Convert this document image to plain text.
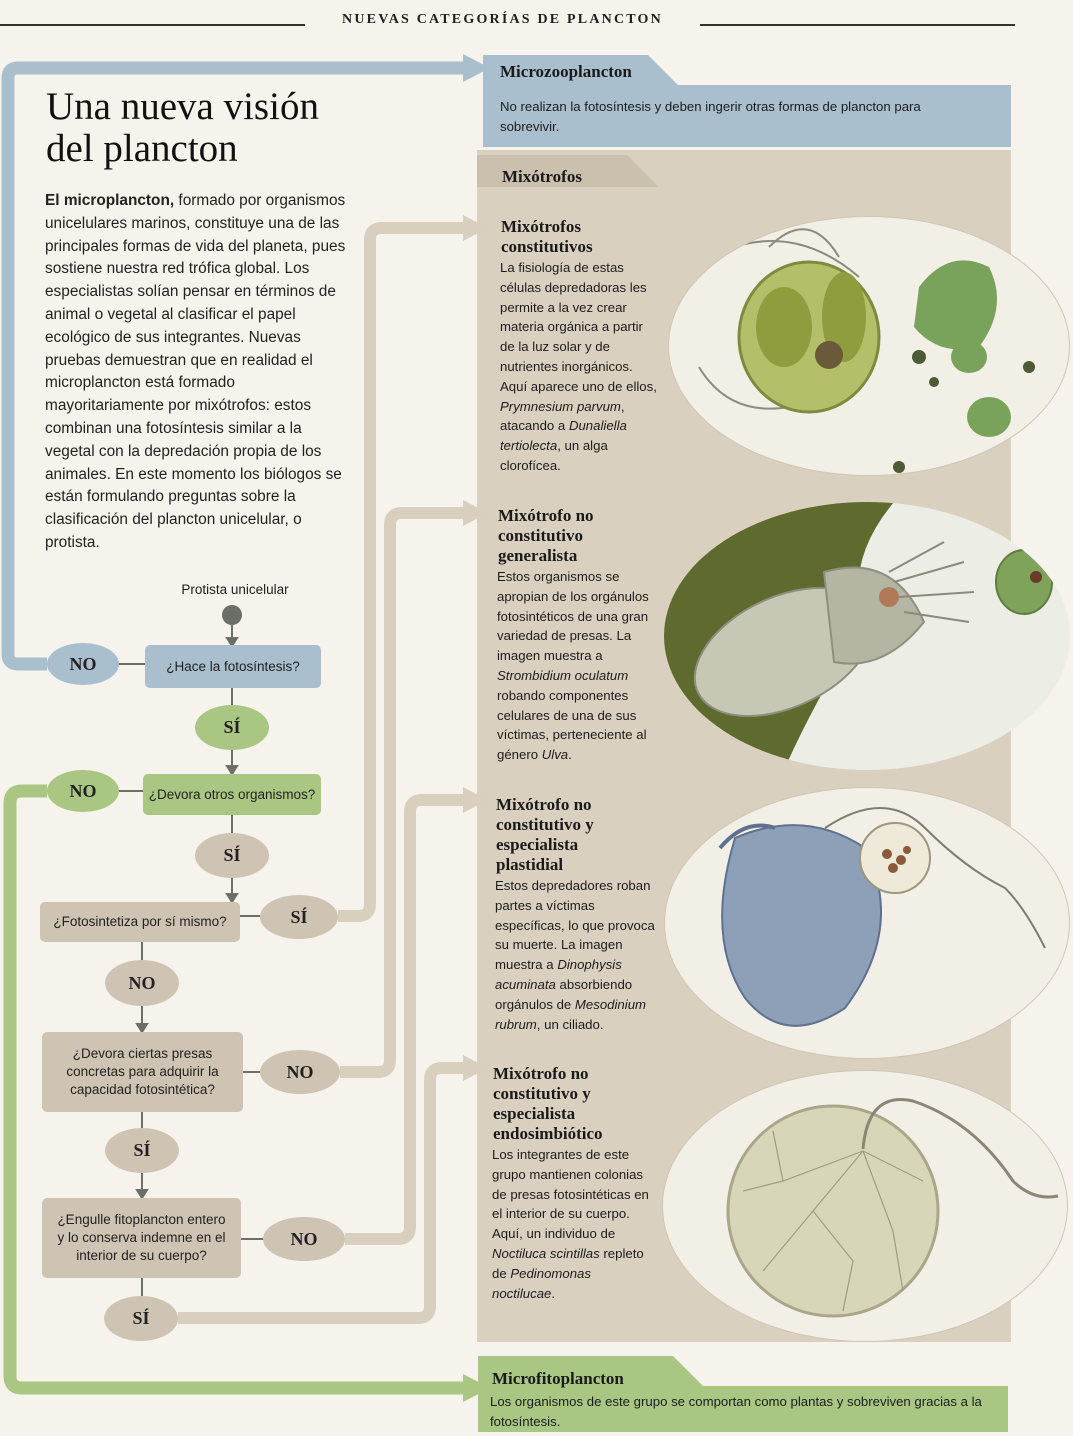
NUEVAS CATEGORÍAS DE PLANCTON
Una nueva visión del plancton
El microplancton, formado por organismos unicelulares marinos, constituye una de las principales formas de vida del planeta, pues sostiene nuestra red trófica global. Los especialistas solían pensar en términos de animal o vegetal al clasificar el papel ecológico de sus integrantes. Nuevas pruebas demuestran que en realidad el microplancton está formado mayoritariamente por mixótrofos: estos combinan una fotosíntesis similar a la vegetal con la depredación propia de los animales. En este momento los biólogos se están formulando preguntas sobre la clasificación del plancton unicelular, o protista.
Protista unicelular
¿Hace la fotosíntesis?
NO
SÍ
¿Devora otros organismos?
NO
SÍ
¿Fotosintetiza por sí mismo?	SÍ
NO
¿Devora ciertas presas concretas para adquirir la capacidad fotosintética?
NO
SÍ
¿Engulle fitoplancton entero y lo conserva indemne en el interior de su cuerpo?
NO
SÍ
Microzooplancton
No realizan la fotosíntesis y deben ingerir otras formas de plancton para sobrevivir.
Mixótrofos
Mixótrofos constitutivos
La fisiología de estas células depredadoras les permite a la vez crear materia orgánica a partir de la luz solar y de nutrientes inorgánicos. Aquí aparece uno de ellos, Prymnesium parvum, atacando a Dunaliella tertiolecta, un alga clorofícea.
Mixótrofo no constitutivo generalista
Estos organismos se apropian de los orgánulos fotosintéticos de una gran variedad de presas. La imagen muestra a Strombidium oculatum robando componentes celulares de una de sus víctimas, perteneciente al género Ulva.
Mixótrofo no constitutivo y especialista plastidial
Estos depredadores roban partes a víctimas específicas, lo que provoca su muerte. La imagen muestra a Dinophysis acuminata absorbiendo orgánulos de Mesodinium rubrum, un ciliado.
Mixótrofo no constitutivo y especialista endosimbiótico
Los integrantes de este grupo mantienen colonias de presas fotosintéticas en el interior de su cuerpo. Aquí, un individuo de Noctiluca scintillas repleto de Pedinomonas noctilucae.
Microfitoplancton
Los organismos de este grupo se comportan como plantas y sobreviven gracias a la fotosíntesis.
